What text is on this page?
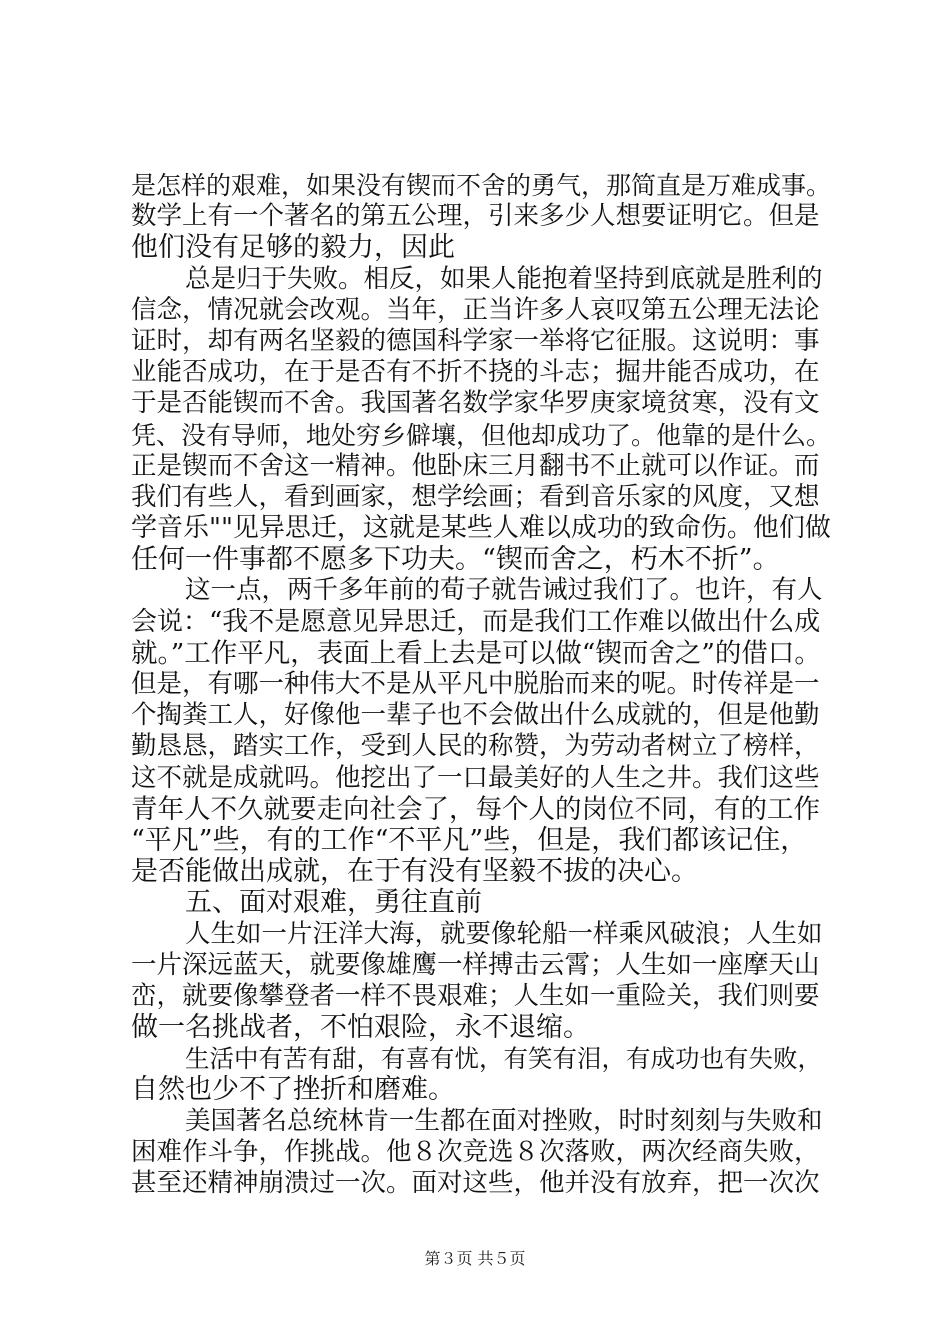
是怎样的艰难，如果没有锲而不舍的勇气，那简直是万难成事。
数学上有一个著名的第五公理，引来多少人想要证明它。但是
他们没有足够的毅力，因此
总是归于失败。相反，如果人能抱着坚持到底就是胜利的
信念，情况就会改观。当年，正当许多人哀叹第五公理无法论
证时，却有两名坚毅的德国科学家一举将它征服。这说明：事
业能否成功，在于是否有不折不挠的斗志；掘井能否成功，在
于是否能锲而不舍。我国著名数学家华罗庚家境贫寒，没有文
凭、没有导师，地处穷乡僻壤，但他却成功了。他靠的是什么。
正是锲而不舍这一精神。他卧床三月翻书不止就可以作证。而
我们有些人，看到画家，想学绘画；看到音乐家的风度，又想
学音乐""见异思迁，这就是某些人难以成功的致命伤。他们做
任何一件事都不愿多下功夫。“锲而舍之，朽木不折”。
这一点，两千多年前的荀子就告诫过我们了。也许，有人
会说：“我不是愿意见异思迁，而是我们工作难以做出什么成
就。”工作平凡，表面上看上去是可以做“锲而舍之”的借口。
但是，有哪一种伟大不是从平凡中脱胎而来的呢。时传祥是一
个掏粪工人，好像他一辈子也不会做出什么成就的，但是他勤
勤恳恳，踏实工作，受到人民的称赞，为劳动者树立了榜样，
这不就是成就吗。他挖出了一口最美好的人生之井。我们这些
青年人不久就要走向社会了，每个人的岗位不同，有的工作
“平凡”些，有的工作“不平凡”些，但是，我们都该记住，
是否能做出成就，在于有没有坚毅不拔的决心。
五、面对艰难，勇往直前
人生如一片汪洋大海，就要像轮船一样乘风破浪；人生如
一片深远蓝天，就要像雄鹰一样搏击云霄；人生如一座摩天山
峦，就要像攀登者一样不畏艰难；人生如一重险关，我们则要
做一名挑战者，不怕艰险，永不退缩。
生活中有苦有甜，有喜有忧，有笑有泪，有成功也有失败，
自然也少不了挫折和磨难。
美国著名总统林肯一生都在面对挫败，时时刻刻与失败和
困难作斗争，作挑战。他８次竞选８次落败，两次经商失败，
甚至还精神崩溃过一次。面对这些，他并没有放弃，把一次次
第３页 共５页
